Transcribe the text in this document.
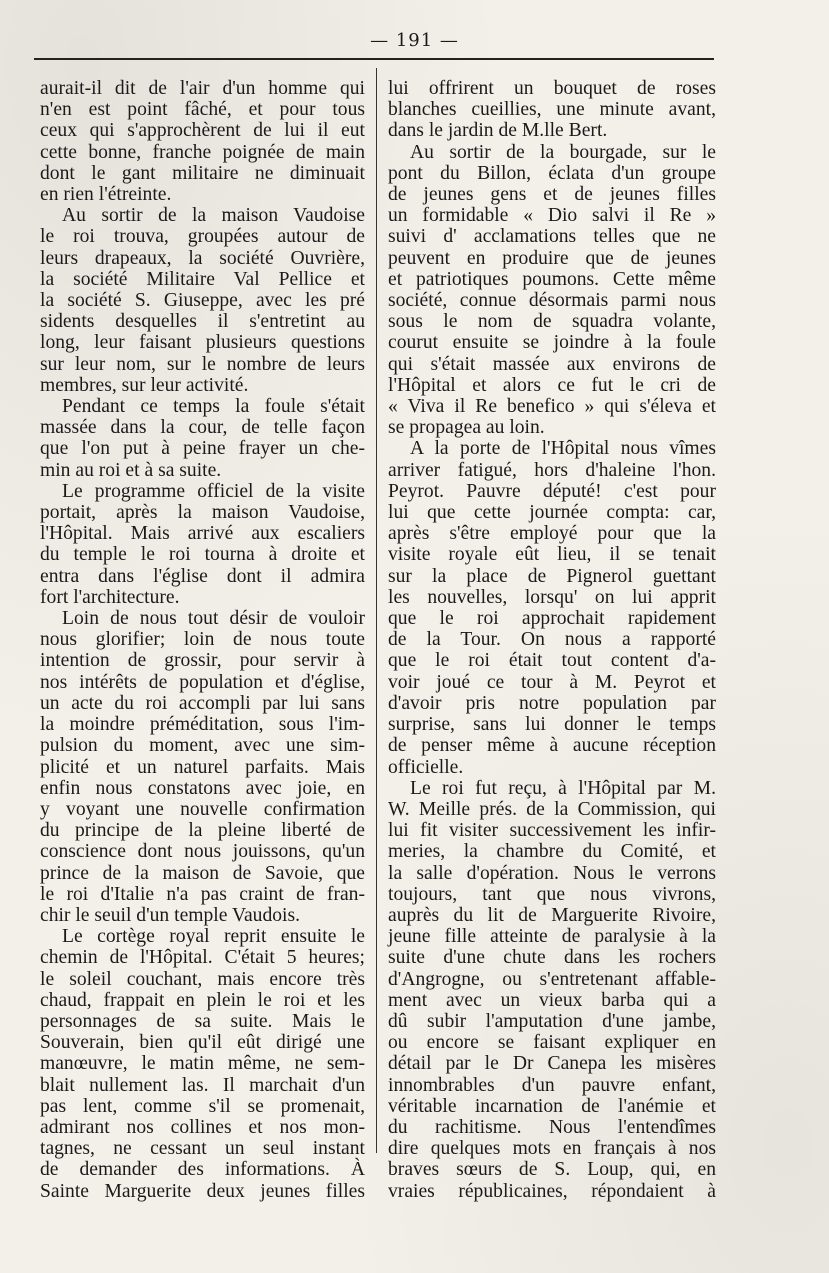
— 191 —
aurait-il dit de l'air d'un homme qui
n'en est point fâché, et pour tous
ceux qui s'approchèrent de lui il eut
cette bonne, franche poignée de main
dont le gant militaire ne diminuait
en rien l'étreinte.
Au sortir de la maison Vaudoise
le roi trouva, groupées autour de
leurs drapeaux, la société Ouvrière,
la société Militaire Val Pellice et
la société S. Giuseppe, avec les pré
sidents desquelles il s'entretint au
long, leur faisant plusieurs questions
sur leur nom, sur le nombre de leurs
membres, sur leur activité.
Pendant ce temps la foule s'était
massée dans la cour, de telle façon
que l'on put à peine frayer un che-
min au roi et à sa suite.
Le programme officiel de la visite
portait, après la maison Vaudoise,
l'Hôpital. Mais arrivé aux escaliers
du temple le roi tourna à droite et
entra dans l'église dont il admira
fort l'architecture.
Loin de nous tout désir de vouloir
nous glorifier; loin de nous toute
intention de grossir, pour servir à
nos intérêts de population et d'église,
un acte du roi accompli par lui sans
la moindre préméditation, sous l'im-
pulsion du moment, avec une sim-
plicité et un naturel parfaits. Mais
enfin nous constatons avec joie, en
y voyant une nouvelle confirmation
du principe de la pleine liberté de
conscience dont nous jouissons, qu'un
prince de la maison de Savoie, que
le roi d'Italie n'a pas craint de fran-
chir le seuil d'un temple Vaudois.
Le cortège royal reprit ensuite le
chemin de l'Hôpital. C'était 5 heures;
le soleil couchant, mais encore très
chaud, frappait en plein le roi et les
personnages de sa suite. Mais le
Souverain, bien qu'il eût dirigé une
manœuvre, le matin même, ne sem-
blait nullement las. Il marchait d'un
pas lent, comme s'il se promenait,
admirant nos collines et nos mon-
tagnes, ne cessant un seul instant
de demander des informations. À
Sainte Marguerite deux jeunes filles
lui offrirent un bouquet de roses
blanches cueillies, une minute avant,
dans le jardin de M.lle Bert.
Au sortir de la bourgade, sur le
pont du Billon, éclata d'un groupe
de jeunes gens et de jeunes filles
un formidable « Dio salvi il Re »
suivi d' acclamations telles que ne
peuvent en produire que de jeunes
et patriotiques poumons. Cette même
société, connue désormais parmi nous
sous le nom de squadra volante,
courut ensuite se joindre à la foule
qui s'était massée aux environs de
l'Hôpital et alors ce fut le cri de
« Viva il Re benefico » qui s'éleva et
se propagea au loin.
A la porte de l'Hôpital nous vîmes
arriver fatigué, hors d'haleine l'hon.
Peyrot. Pauvre député! c'est pour
lui que cette journée compta: car,
après s'être employé pour que la
visite royale eût lieu, il se tenait
sur la place de Pignerol guettant
les nouvelles, lorsqu' on lui apprit
que le roi approchait rapidement
de la Tour. On nous a rapporté
que le roi était tout content d'a-
voir joué ce tour à M. Peyrot et
d'avoir pris notre population par
surprise, sans lui donner le temps
de penser même à aucune réception
officielle.
Le roi fut reçu, à l'Hôpital par M.
W. Meille prés. de la Commission, qui
lui fit visiter successivement les infir-
meries, la chambre du Comité, et
la salle d'opération. Nous le verrons
toujours, tant que nous vivrons,
auprès du lit de Marguerite Rivoire,
jeune fille atteinte de paralysie à la
suite d'une chute dans les rochers
d'Angrogne, ou s'entretenant affable-
ment avec un vieux barba qui a
dû subir l'amputation d'une jambe,
ou encore se faisant expliquer en
détail par le Dr Canepa les misères
innombrables d'un pauvre enfant,
véritable incarnation de l'anémie et
du rachitisme. Nous l'entendîmes
dire quelques mots en français à nos
braves sœurs de S. Loup, qui, en
vraies républicaines, répondaient à
